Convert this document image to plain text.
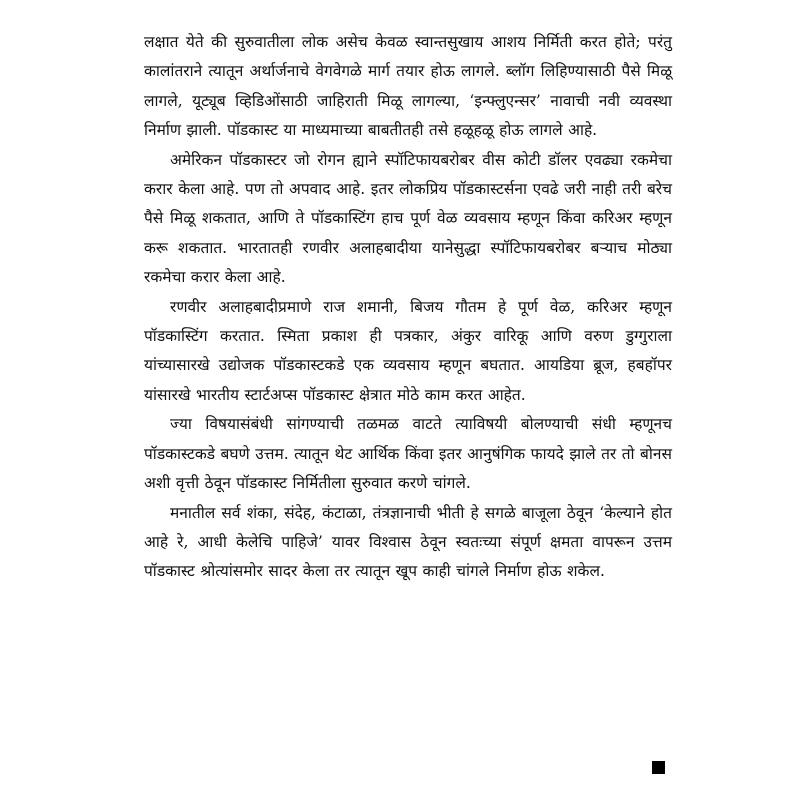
लक्षात येते की सुरुवातीला लोक असेच केवळ स्वान्तसुखाय आशय निर्मिती करत होते; परंतु कालांतराने त्यातून अर्थार्जनाचे वेगवेगळे मार्ग तयार होऊ लागले. ब्लॉग लिहिण्यासाठी पैसे मिळू लागले, यूट्यूब व्हिडिओंसाठी जाहिराती मिळू लागल्या, ‘इन्फ्लुएन्सर’ नावाची नवी व्यवस्था निर्माण झाली. पॉडकास्ट या माध्यमाच्या बाबतीतही तसे हळूहळू होऊ लागले आहे.

अमेरिकन पॉडकास्टर जो रोगन ह्याने स्पॉटिफायबरोबर वीस कोटी डॉलर एवढ्या रकमेचा करार केला आहे. पण तो अपवाद आहे. इतर लोकप्रिय पॉडकास्टर्सना एवढे जरी नाही तरी बरेच पैसे मिळू शकतात, आणि ते पॉडकास्टिंग हाच पूर्ण वेळ व्यवसाय म्हणून किंवा करिअर म्हणून करू शकतात. भारतातही रणवीर अलाहबादीया यानेसुद्धा स्पॉटिफायबरोबर बऱ्याच मोठ्या रकमेचा करार केला आहे.

रणवीर अलाहबादीप्रमाणे राज शमानी, बिजय गौतम हे पूर्ण वेळ, करिअर म्हणून पॉडकास्टिंग करतात. स्मिता प्रकाश ही पत्रकार, अंकुर वारिकू आणि वरुण डुग्गुराला यांच्यासारखे उद्योजक पॉडकास्टकडे एक व्यवसाय म्हणून बघतात. आयडिया ब्रूज, हबहॉपर यांसारखे भारतीय स्टार्टअप्स पॉडकास्ट क्षेत्रात मोठे काम करत आहेत.

ज्या विषयासंबंधी सांगण्याची तळमळ वाटते त्याविषयी बोलण्याची संधी म्हणूनच पॉडकास्टकडे बघणे उत्तम. त्यातून थेट आर्थिक किंवा इतर आनुषंगिक फायदे झाले तर तो बोनस अशी वृत्ती ठेवून पॉडकास्ट निर्मितीला सुरुवात करणे चांगले.

मनातील सर्व शंका, संदेह, कंटाळा, तंत्रज्ञानाची भीती हे सगळे बाजूला ठेवून ‘केल्याने होत आहे रे, आधी केलेचि पाहिजे’ यावर विश्वास ठेवून स्वतःच्या संपूर्ण क्षमता वापरून उत्तम पॉडकास्ट श्रोत्यांसमोर सादर केला तर त्यातून खूप काही चांगले निर्माण होऊ शकेल.
